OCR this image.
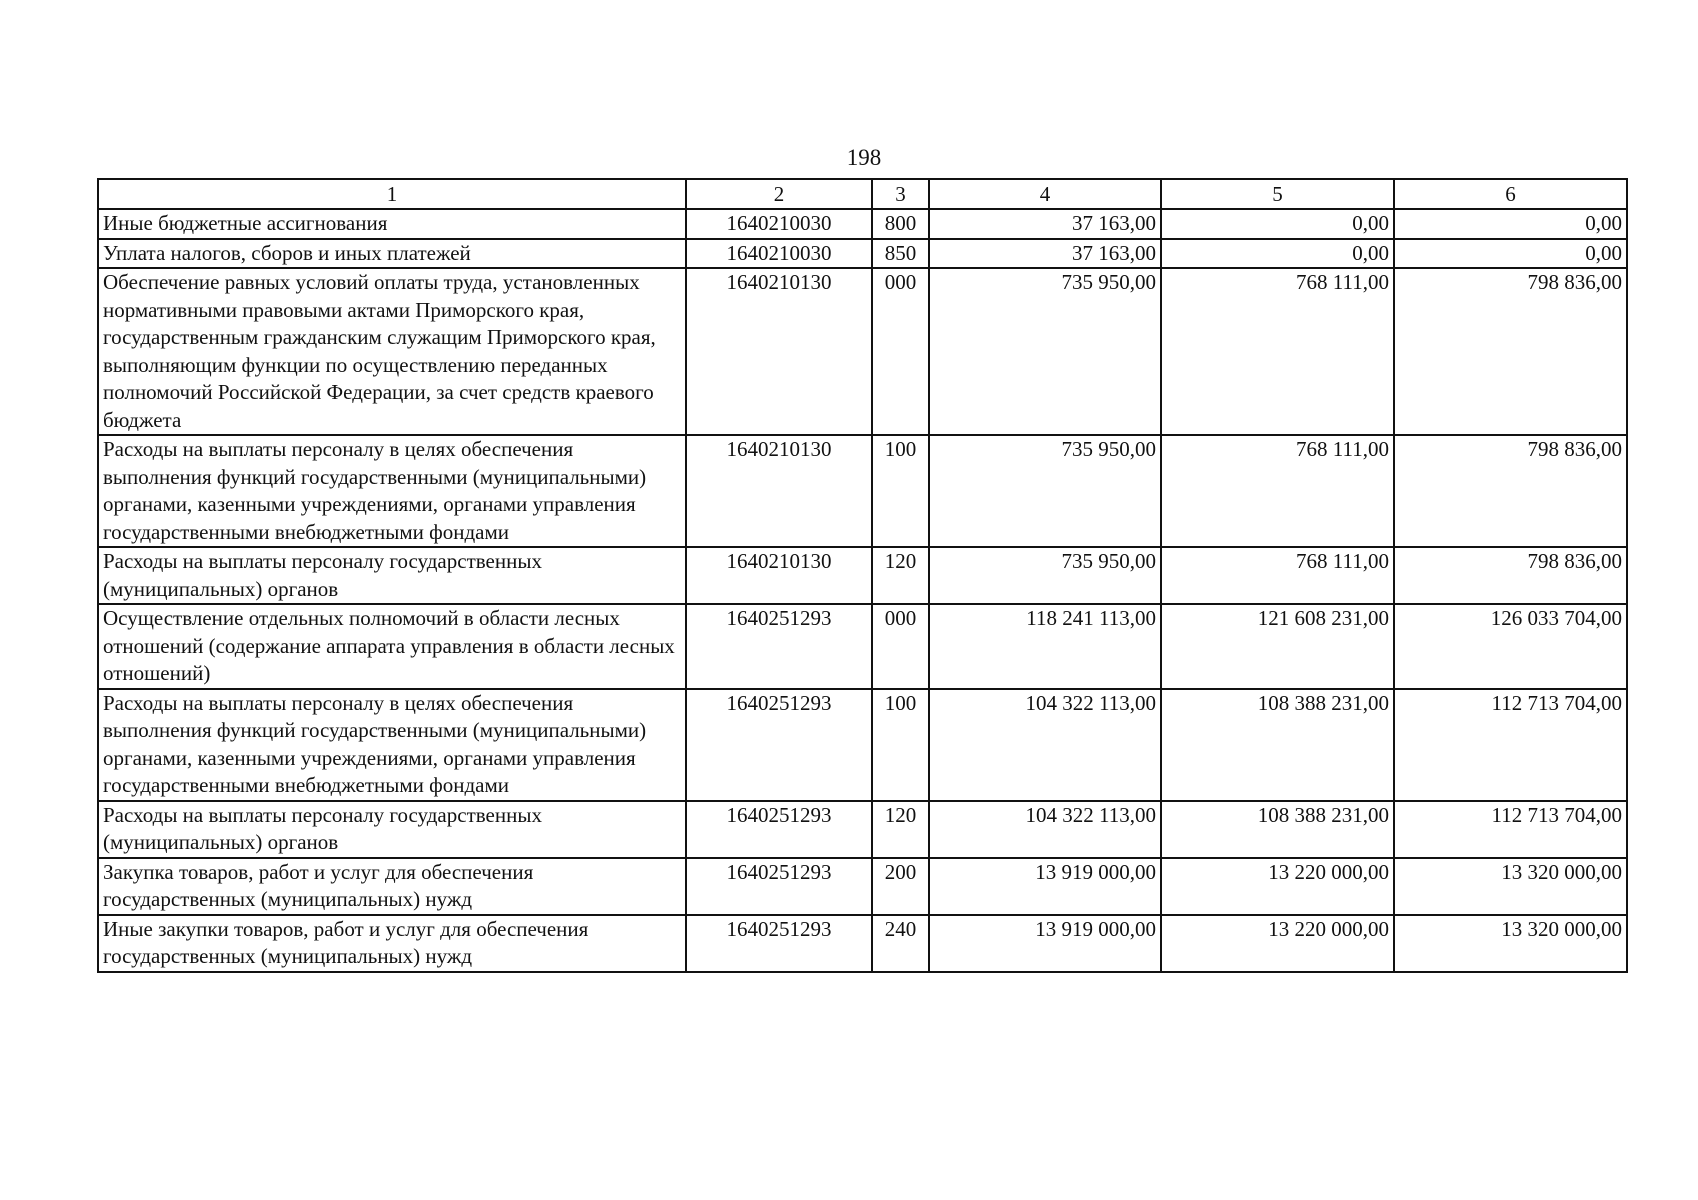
198
1	2	3	4	5	6
Иные бюджетные ассигнования	1640210030	800	37 163,00	0,00	0,00
Уплата налогов, сборов и иных платежей	1640210030	850	37 163,00	0,00	0,00
Обеспечение равных условий оплаты труда, установленных нормативными правовыми актами Приморского края, государственным гражданским служащим Приморского края, выполняющим функции по осуществлению переданных полномочий Российской Федерации, за счет средств краевого бюджета	1640210130	000	735 950,00	768 111,00	798 836,00
Расходы на выплаты персоналу в целях обеспечения выполнения функций государственными (муниципальными) органами, казенными учреждениями, органами управления государственными внебюджетными фондами	1640210130	100	735 950,00	768 111,00	798 836,00
Расходы на выплаты персоналу государственных (муниципальных) органов	1640210130	120	735 950,00	768 111,00	798 836,00
Осуществление отдельных полномочий в области лесных отношений (содержание аппарата управления в области лесных отношений)	1640251293	000	118 241 113,00	121 608 231,00	126 033 704,00
Расходы на выплаты персоналу в целях обеспечения выполнения функций государственными (муниципальными) органами, казенными учреждениями, органами управления государственными внебюджетными фондами	1640251293	100	104 322 113,00	108 388 231,00	112 713 704,00
Расходы на выплаты персоналу государственных (муниципальных) органов	1640251293	120	104 322 113,00	108 388 231,00	112 713 704,00
Закупка товаров, работ и услуг для обеспечения государственных (муниципальных) нужд	1640251293	200	13 919 000,00	13 220 000,00	13 320 000,00
Иные закупки товаров, работ и услуг для обеспечения государственных (муниципальных) нужд	1640251293	240	13 919 000,00	13 220 000,00	13 320 000,00
